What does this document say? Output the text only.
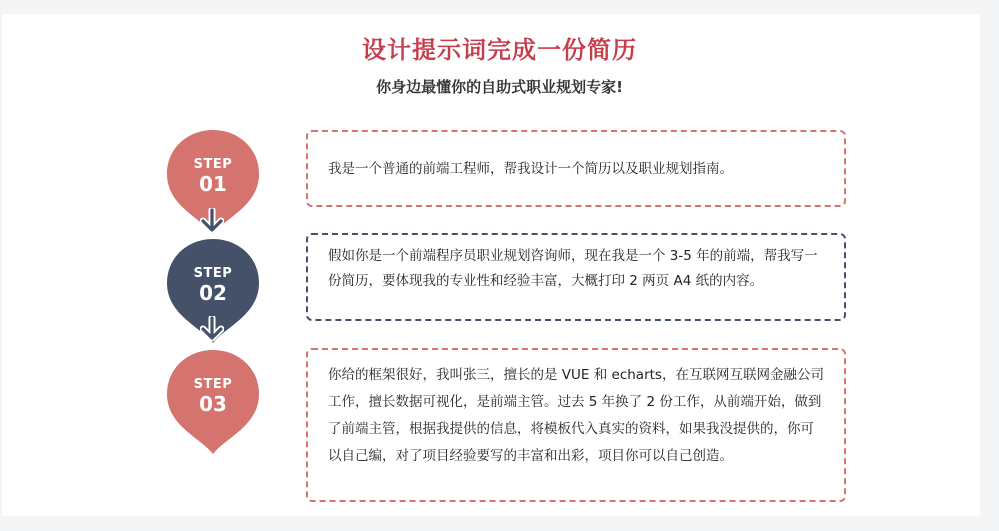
设计提示词完成一份简历
你身边最懂你的自助式职业规划专家!
STEP
01
STEP
02
STEP
03

我是一个普通的前端工程师，帮我设计一个简历以及职业规划指南。

假如你是一个前端程序员职业规划咨询师，现在我是一个 3-5 年的前端，帮我写一份简历，要体现我的专业性和经验丰富，大概打印 2 两页 A4 纸的内容。

你给的框架很好，我叫张三，擅长的是 VUE 和 echarts，在互联网互联网金融公司工作，擅长数据可视化，是前端主管。过去 5 年换了 2 份工作，从前端开始，做到了前端主管，根据我提供的信息，将模板代入真实的资料，如果我没提供的，你可以自己编，对了项目经验要写的丰富和出彩，项目你可以自己创造。
